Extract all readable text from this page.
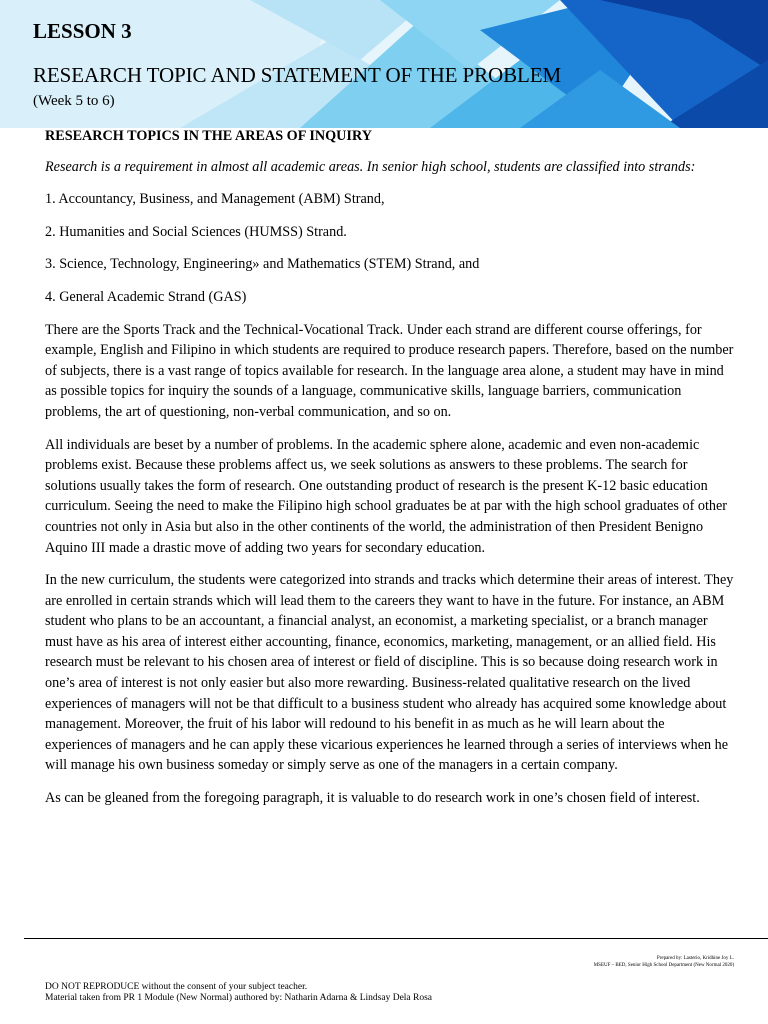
LESSON 3
RESEARCH TOPIC AND STATEMENT OF THE PROBLEM
(Week 5 to 6)
RESEARCH TOPICS IN THE AREAS OF INQUIRY

Research is a requirement in almost all academic areas. In senior high school, students are classified into strands:

1. Accountancy, Business, and Management (ABM) Strand,

2. Humanities and Social Sciences (HUMSS) Strand.

3. Science, Technology, Engineering» and Mathematics (STEM) Strand, and

4. General Academic Strand (GAS)

There are the Sports Track and the Technical-Vocational Track. Under each strand are different course offerings, for example, English and Filipino in which students are required to produce research papers. Therefore, based on the number of subjects, there is a vast range of topics available for research. In the language area alone, a student may have in mind as possible topics for inquiry the sounds of a language, communicative skills, language barriers, communication problems, the art of questioning, non-verbal communication, and so on.

All individuals are beset by a number of problems. In the academic sphere alone, academic and even non-academic problems exist. Because these problems affect us, we seek solutions as answers to these problems. The search for solutions usually takes the form of research. One outstanding product of research is the present K-12 basic education curriculum. Seeing the need to make the Filipino high school graduates be at par with the high school graduates of other countries not only in Asia but also in the other continents of the world, the administration of then President Benigno Aquino III made a drastic move of adding two years for secondary education.

In the new curriculum, the students were categorized into strands and tracks which determine their areas of interest. They are enrolled in certain strands which will lead them to the careers they want to have in the future. For instance, an ABM student who plans to be an accountant, a financial analyst, an economist, a marketing specialist, or a branch manager must have as his area of interest either accounting, finance, economics, marketing, management, or an allied field. His research must be relevant to his chosen area of interest or field of discipline. This is so because doing research work in one’s area of interest is not only easier but also more rewarding. Business-related qualitative research on the lived experiences of managers will not be that difficult to a business student who already has acquired some knowledge about management. Moreover, the fruit of his labor will redound to his benefit in as much as he will learn about the experiences of managers and he can apply these vicarious experiences he learned through a series of interviews when he will manage his own business someday or simply serve as one of the managers in a certain company.

As can be gleaned from the foregoing paragraph, it is valuable to do research work in one’s chosen field of interest.

Prepared by: Lasterio, Kridhine Joy L.
MSEUF – BED, Senior High School Department (New Normal 2020)
DO NOT REPRODUCE without the consent of your subject teacher.
Material taken from PR 1 Module (New Normal) authored by: Natharin Adarna & Lindsay Dela Rosa
